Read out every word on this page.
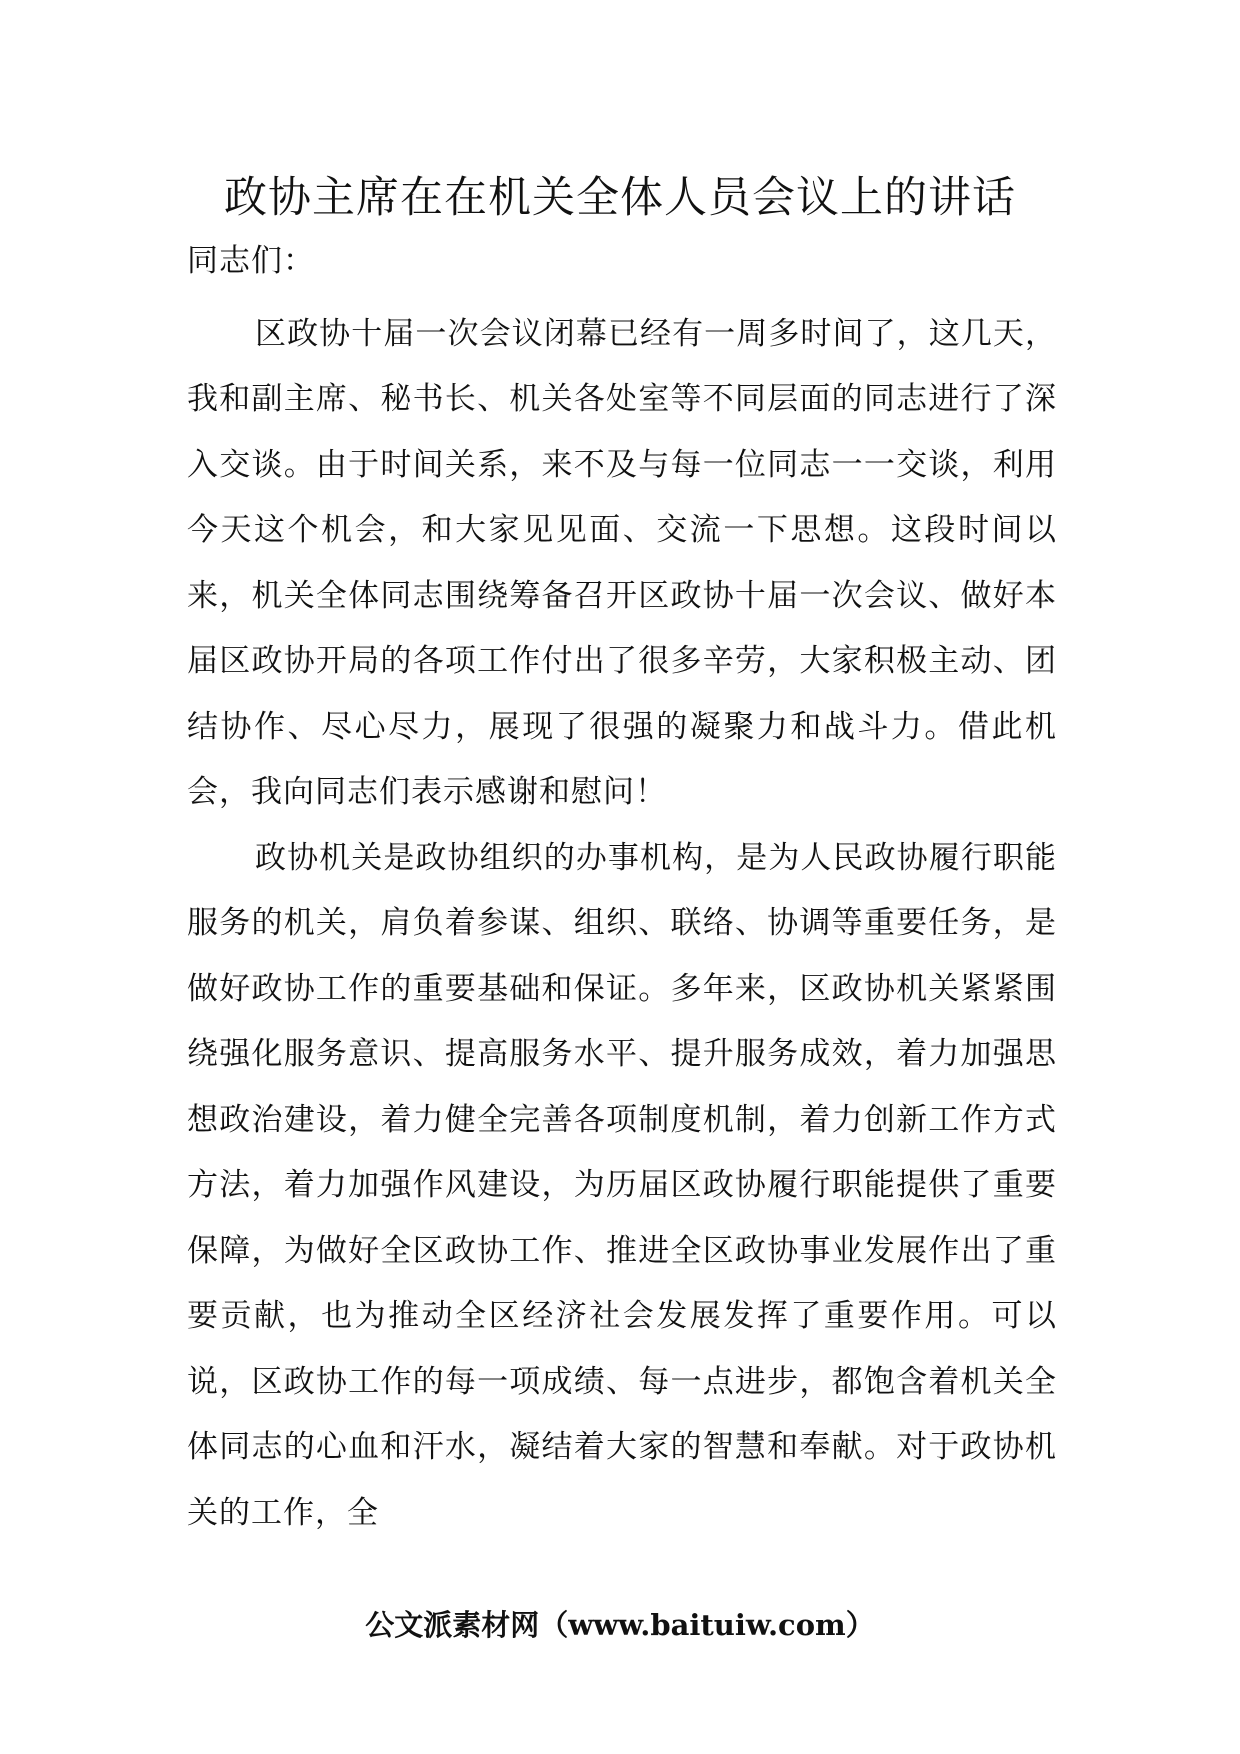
政协主席在在机关全体人员会议上的讲话

同志们：

区政协十届一次会议闭幕已经有一周多时间了，这几天，我和副主席、秘书长、机关各处室等不同层面的同志进行了深入交谈。由于时间关系，来不及与每一位同志一一交谈，利用今天这个机会，和大家见见面、交流一下思想。这段时间以来，机关全体同志围绕筹备召开区政协十届一次会议、做好本届区政协开局的各项工作付出了很多辛劳，大家积极主动、团结协作、尽心尽力，展现了很强的凝聚力和战斗力。借此机会，我向同志们表示感谢和慰问！

政协机关是政协组织的办事机构，是为人民政协履行职能服务的机关，肩负着参谋、组织、联络、协调等重要任务，是做好政协工作的重要基础和保证。多年来，区政协机关紧紧围绕强化服务意识、提高服务水平、提升服务成效，着力加强思想政治建设，着力健全完善各项制度机制，着力创新工作方式方法，着力加强作风建设，为历届区政协履行职能提供了重要保障，为做好全区政协工作、推进全区政协事业发展作出了重要贡献，也为推动全区经济社会发展发挥了重要作用。可以说，区政协工作的每一项成绩、每一点进步，都饱含着机关全体同志的心血和汗水，凝结着大家的智慧和奉献。对于政协机关的工作，全

公文派素材网（www.baituiw.com）
